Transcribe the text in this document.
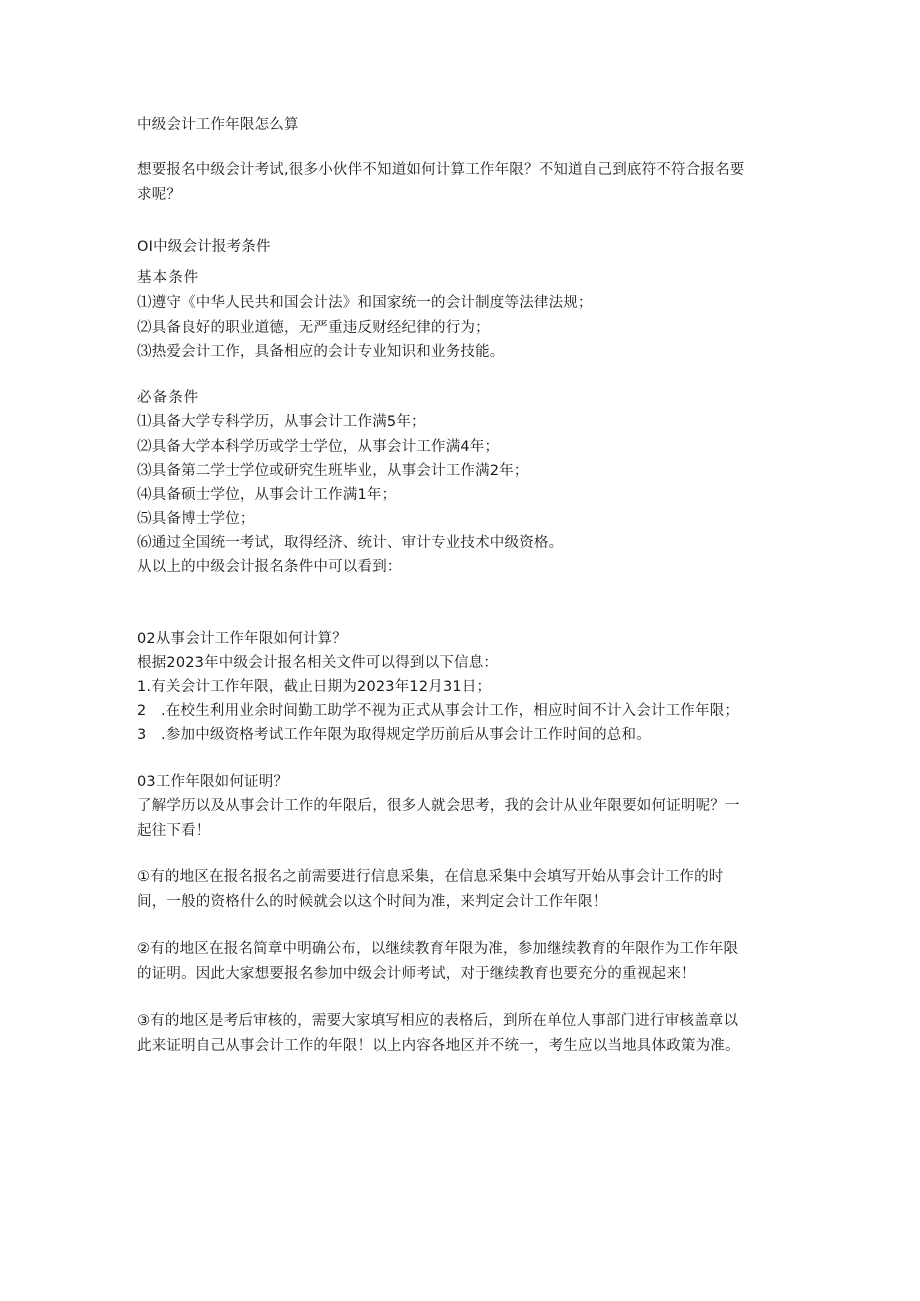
中级会计工作年限怎么算
想要报名中级会计考试,很多小伙伴不知道如何计算工作年限？不知道自己到底符不符合报名要
求呢？
OI中级会计报考条件
基本条件
⑴遵守《中华人民共和国会计法》和国家统一的会计制度等法律法规；
⑵具备良好的职业道德，无严重违反财经纪律的行为；
⑶热爱会计工作，具备相应的会计专业知识和业务技能。
必备条件
⑴具备大学专科学历，从事会计工作满5年；
⑵具备大学本科学历或学士学位，从事会计工作满4年；
⑶具备第二学士学位或研究生班毕业，从事会计工作满2年；
⑷具备硕士学位，从事会计工作满1年；
⑸具备博士学位；
⑹通过全国统一考试，取得经济、统计、审计专业技术中级资格。
从以上的中级会计报名条件中可以看到：
02从事会计工作年限如何计算？
根据2023年中级会计报名相关文件可以得到以下信息：
1.有关会计工作年限，截止日期为2023年12月31日；
2 .在校生利用业余时间勤工助学不视为正式从事会计工作，相应时间不计入会计工作年限；
3 .参加中级资格考试工作年限为取得规定学历前后从事会计工作时间的总和。
03工作年限如何证明？
了解学历以及从事会计工作的年限后，很多人就会思考，我的会计从业年限要如何证明呢？一
起往下看！
①有的地区在报名报名之前需要进行信息采集，在信息采集中会填写开始从事会计工作的时
间，一般的资格什么的时候就会以这个时间为准，来判定会计工作年限！
②有的地区在报名简章中明确公布，以继续教育年限为准，参加继续教育的年限作为工作年限
的证明。因此大家想要报名参加中级会计师考试，对于继续教育也要充分的重视起来！
③有的地区是考后审核的，需要大家填写相应的表格后，到所在单位人事部门进行审核盖章以
此来证明自己从事会计工作的年限！以上内容各地区并不统一，考生应以当地具体政策为准。
